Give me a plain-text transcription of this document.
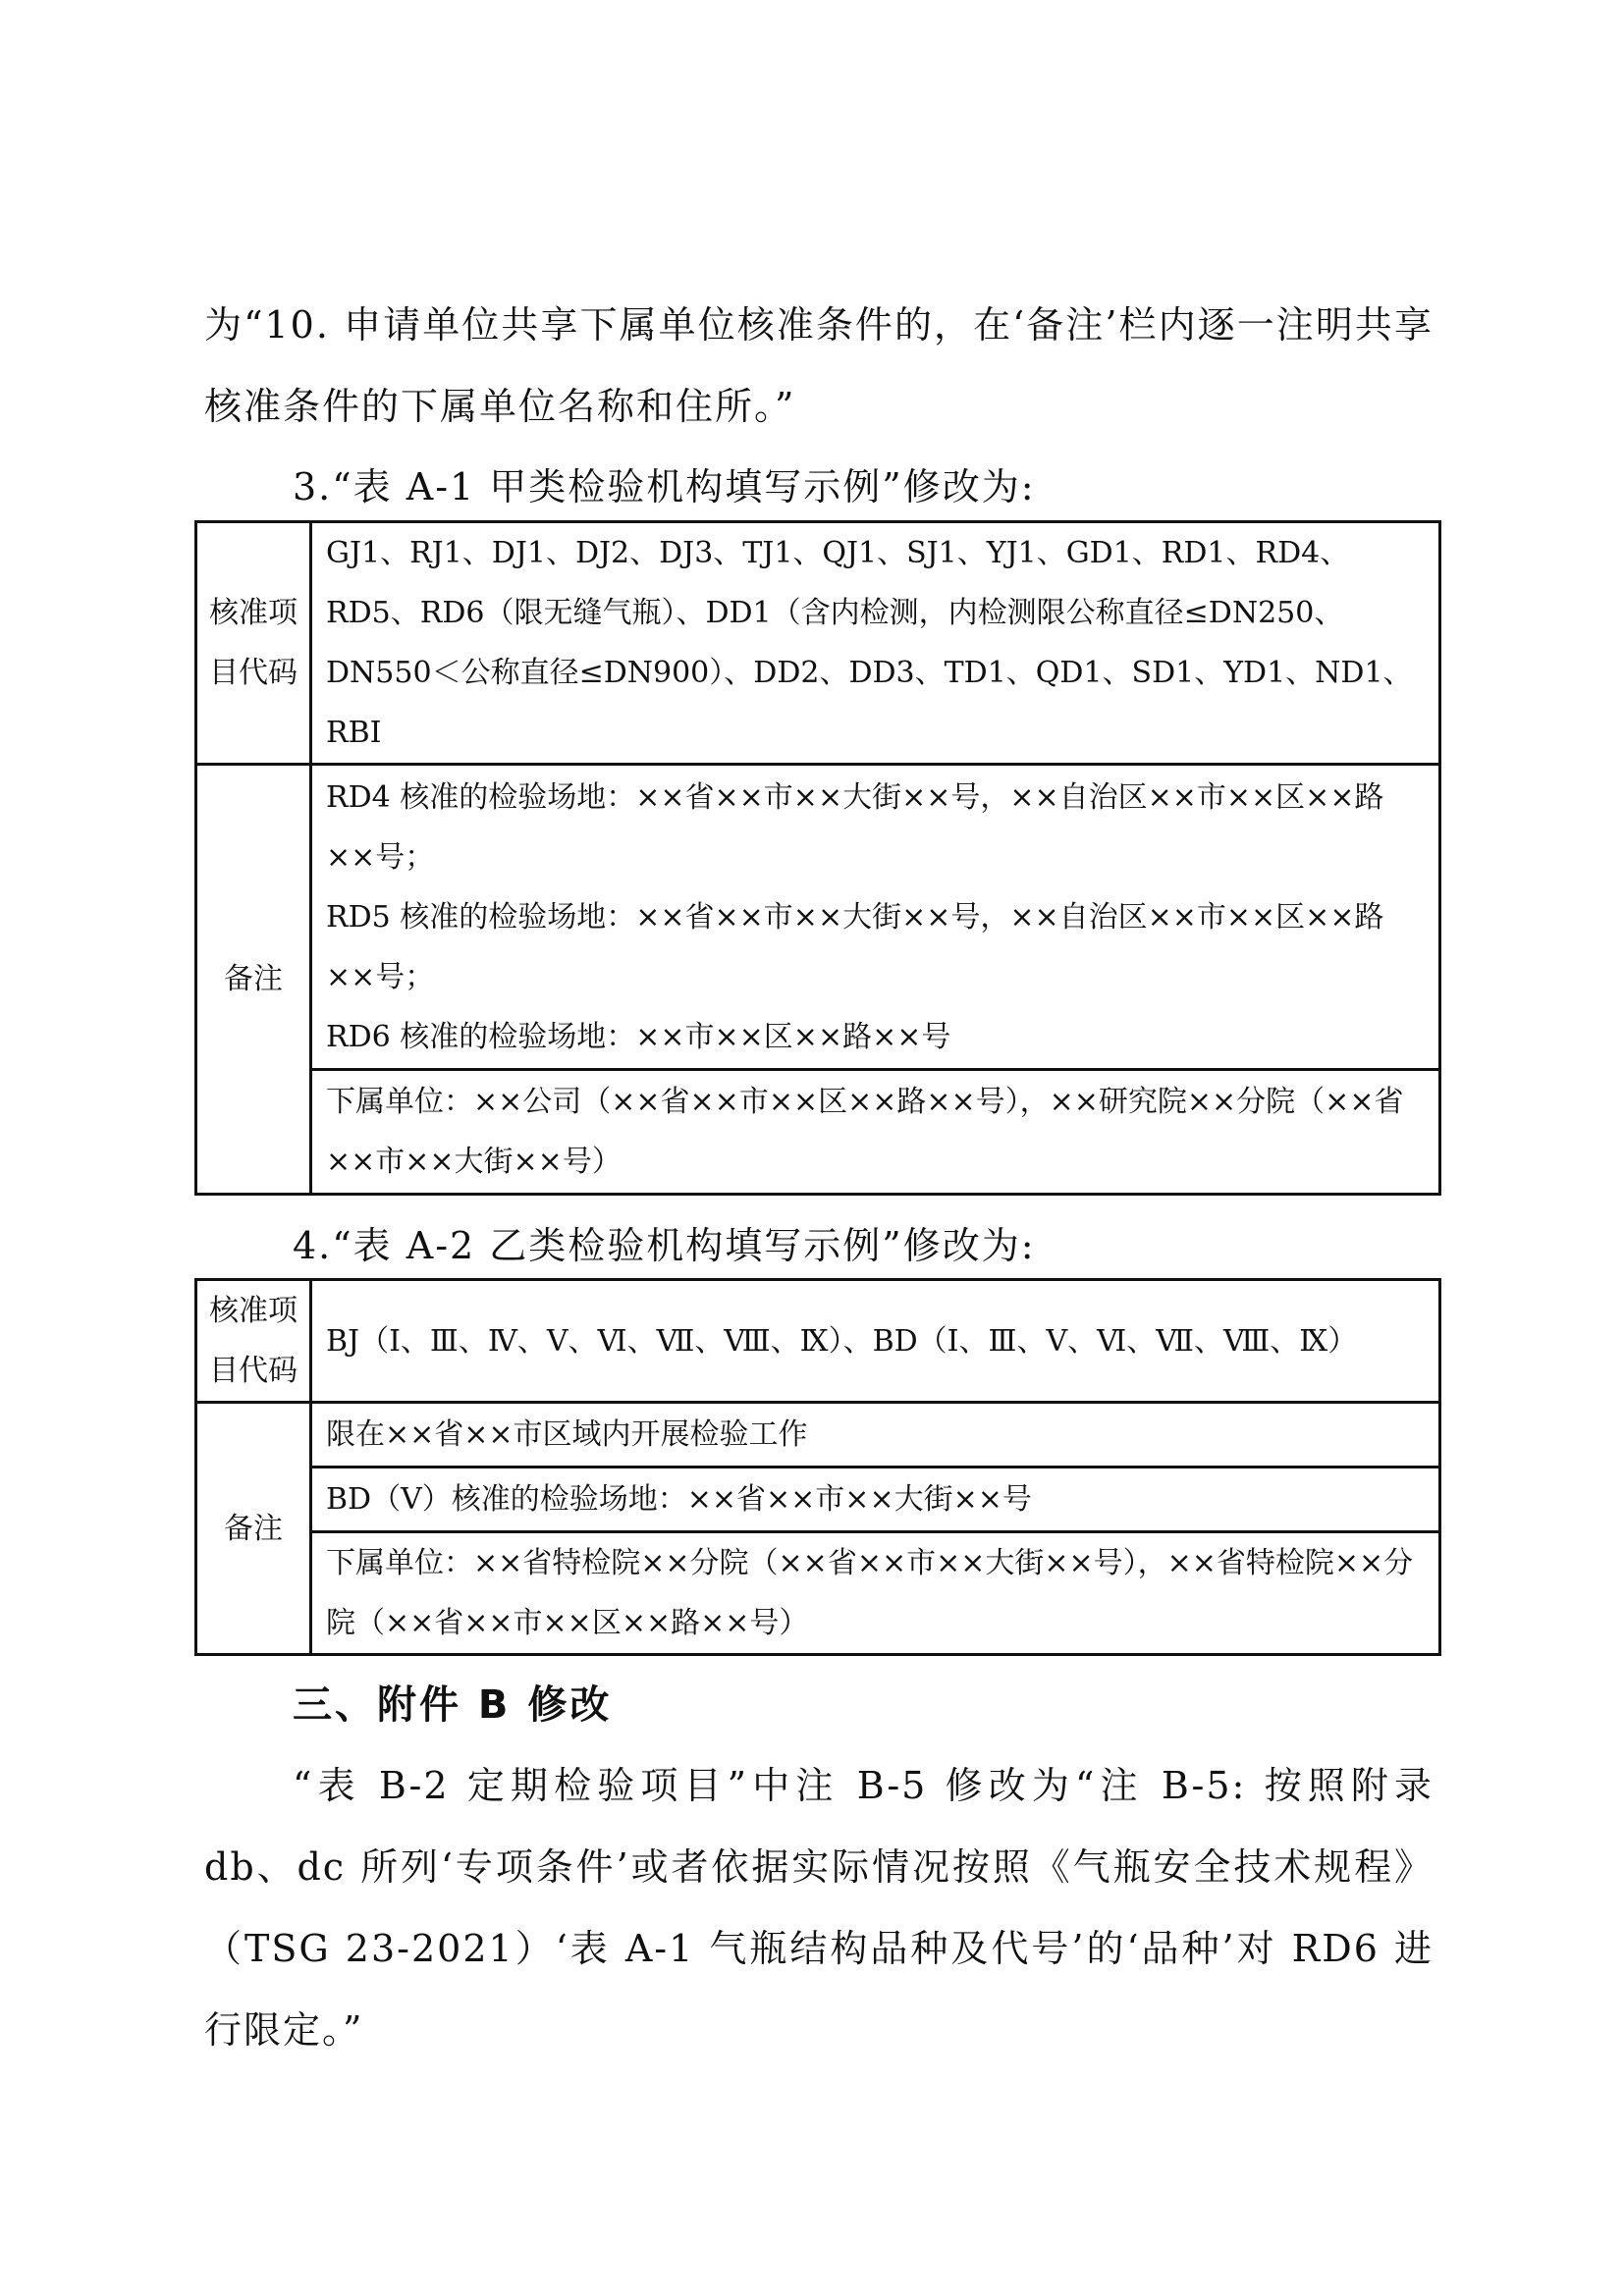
为“10. 申请单位共享下属单位核准条件的，在‘备注’栏内逐一注明共享核准条件的下属单位名称和住所。”

3.“表 A-1 甲类检验机构填写示例”修改为:

核准项目代码	GJ1、RJ1、DJ1、DJ2、DJ3、TJ1、QJ1、SJ1、YJ1、GD1、RD1、RD4、RD5、RD6（限无缝气瓶）、DD1（含内检测，内检测限公称直径≤DN250、DN550＜公称直径≤DN900）、DD2、DD3、TD1、QD1、SD1、YD1、ND1、RBI
备注	RD4 核准的检验场地：××省××市××大街××号，××自治区××市××区××路××号；
RD5 核准的检验场地：××省××市××大街××号，××自治区××市××区××路××号；
RD6 核准的检验场地：××市××区××路××号

	下属单位：××公司（××省××市××区××路××号），××研究院××分院（××省××市××大街××号）

4.“表 A-2 乙类检验机构填写示例”修改为:

核准项目代码	BJ（Ⅰ、Ⅲ、Ⅳ、Ⅴ、Ⅵ、Ⅶ、Ⅷ、Ⅸ）、BD（Ⅰ、Ⅲ、Ⅴ、Ⅵ、Ⅶ、Ⅷ、Ⅸ）
备注	限在××省××市区域内开展检验工作
	BD（Ⅴ）核准的检验场地：××省××市××大街××号
	下属单位：××省特检院××分院（××省××市××大街××号），××省特检院××分院（××省××市××区××路××号）

三、附件 B 修改

“表 B-2 定期检验项目”中注 B-5 修改为“注 B-5: 按照附录 db、dc 所列‘专项条件’或者依据实际情况按照《气瓶安全技术规程》（TSG 23-2021）‘表 A-1 气瓶结构品种及代号’的‘品种’对 RD6 进行限定。”
